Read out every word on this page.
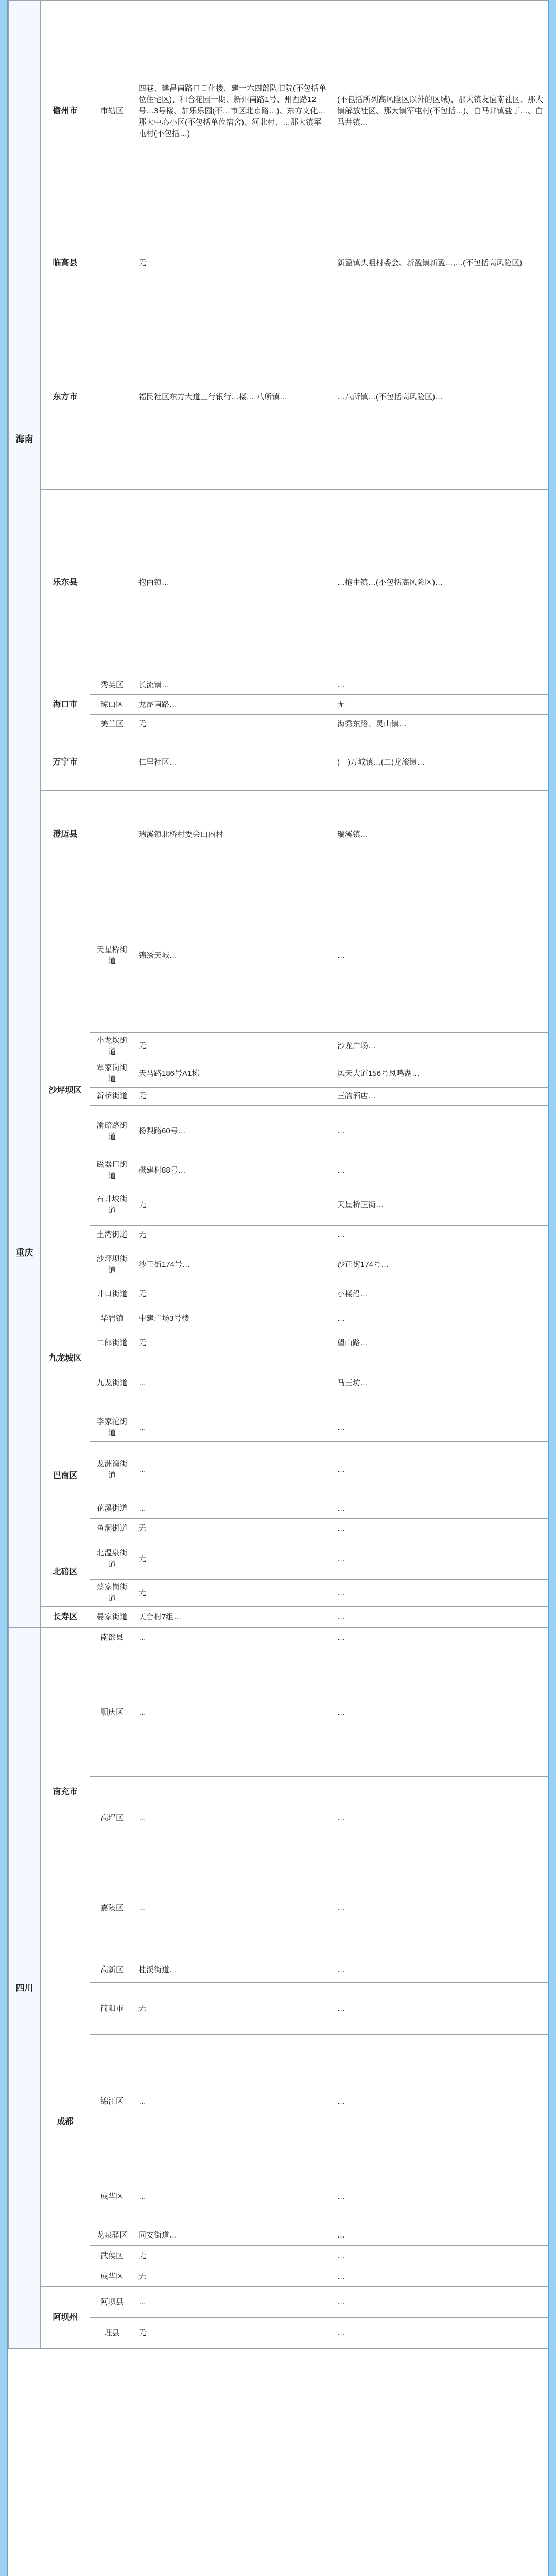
海南	儋州市	市辖区	四巷、建昌南路口日化楼、建一六四部队旧院(不包括单位住宅区)、和合花园一期、新州南路1号、州西路12号…3号楼、加乐乐园(不…市区北京路…)、东方文化…那大中心小区(不包括单位宿舍)、河北村、…那大镇军屯村(不包括…)	(不包括所列高风险区以外的区域)、那大镇友谊南社区、那大镇解放社区、那大镇军屯村(不包括…)、白马井镇盐丁…、白马井镇…
	临高县		无	新盈镇头咀村委会、新盈镇新盈…,…(不包括高风险区)
	东方市		福民社区东方大道工行银行…楼,…八所镇…	…八所镇…(不包括高风险区)…
	乐东县		抱由镇…	…抱由镇…(不包括高风险区)…
	海口市	秀英区	长流镇…	…
		琼山区	龙昆南路…	无
		美兰区	无	海秀东路、灵山镇…
	万宁市		仁里社区…	(一)万城镇…(二)龙滚镇…
	澄迈县		瑞溪镇北桥村委会山内村	瑞溪镇…
重庆	沙坪坝区	天星桥街道	锦绣天城…	…
		小龙坎街道	无	沙龙广场…
		覃家岗街道	天马路186号A1栋	凤天大道156号凤鸣湖…
		新桥街道	无	三韵酒店…
		渝碚路街道	杨梨路60号…	…
		磁器口街道	磁建村88号…	…
		石井坡街道	无	天星桥正街…
		土湾街道	无	…
		沙坪坝街道	沙正街174号…	沙正街174号…
		井口街道	无	小楼沿…
	九龙坡区	华岩镇	中建广场3号楼	…
		二郎街道	无	望山路…
		九龙街道	…	马王坊…
	巴南区	李家沱街道	…	…
		龙洲湾街道	…	…
		花溪街道	…	…
		鱼洞街道	无	…
	北碚区	北温泉街道	无	…
		蔡家岗街道	无	…
	长寿区	晏家街道	天台村7组…	…
四川	南充市	南部县	…	…
		顺庆区	…	…
		高坪区	…	…
		嘉陵区	…	…
	成都	高新区	桂溪街道…	…
		简阳市	无	…
		锦江区	…	…
		成华区	…	…
		龙泉驿区	同安街道…	…
		武侯区	无	…
		成华区	无	…
	阿坝州	阿坝县	…	…
		理县	无	…
